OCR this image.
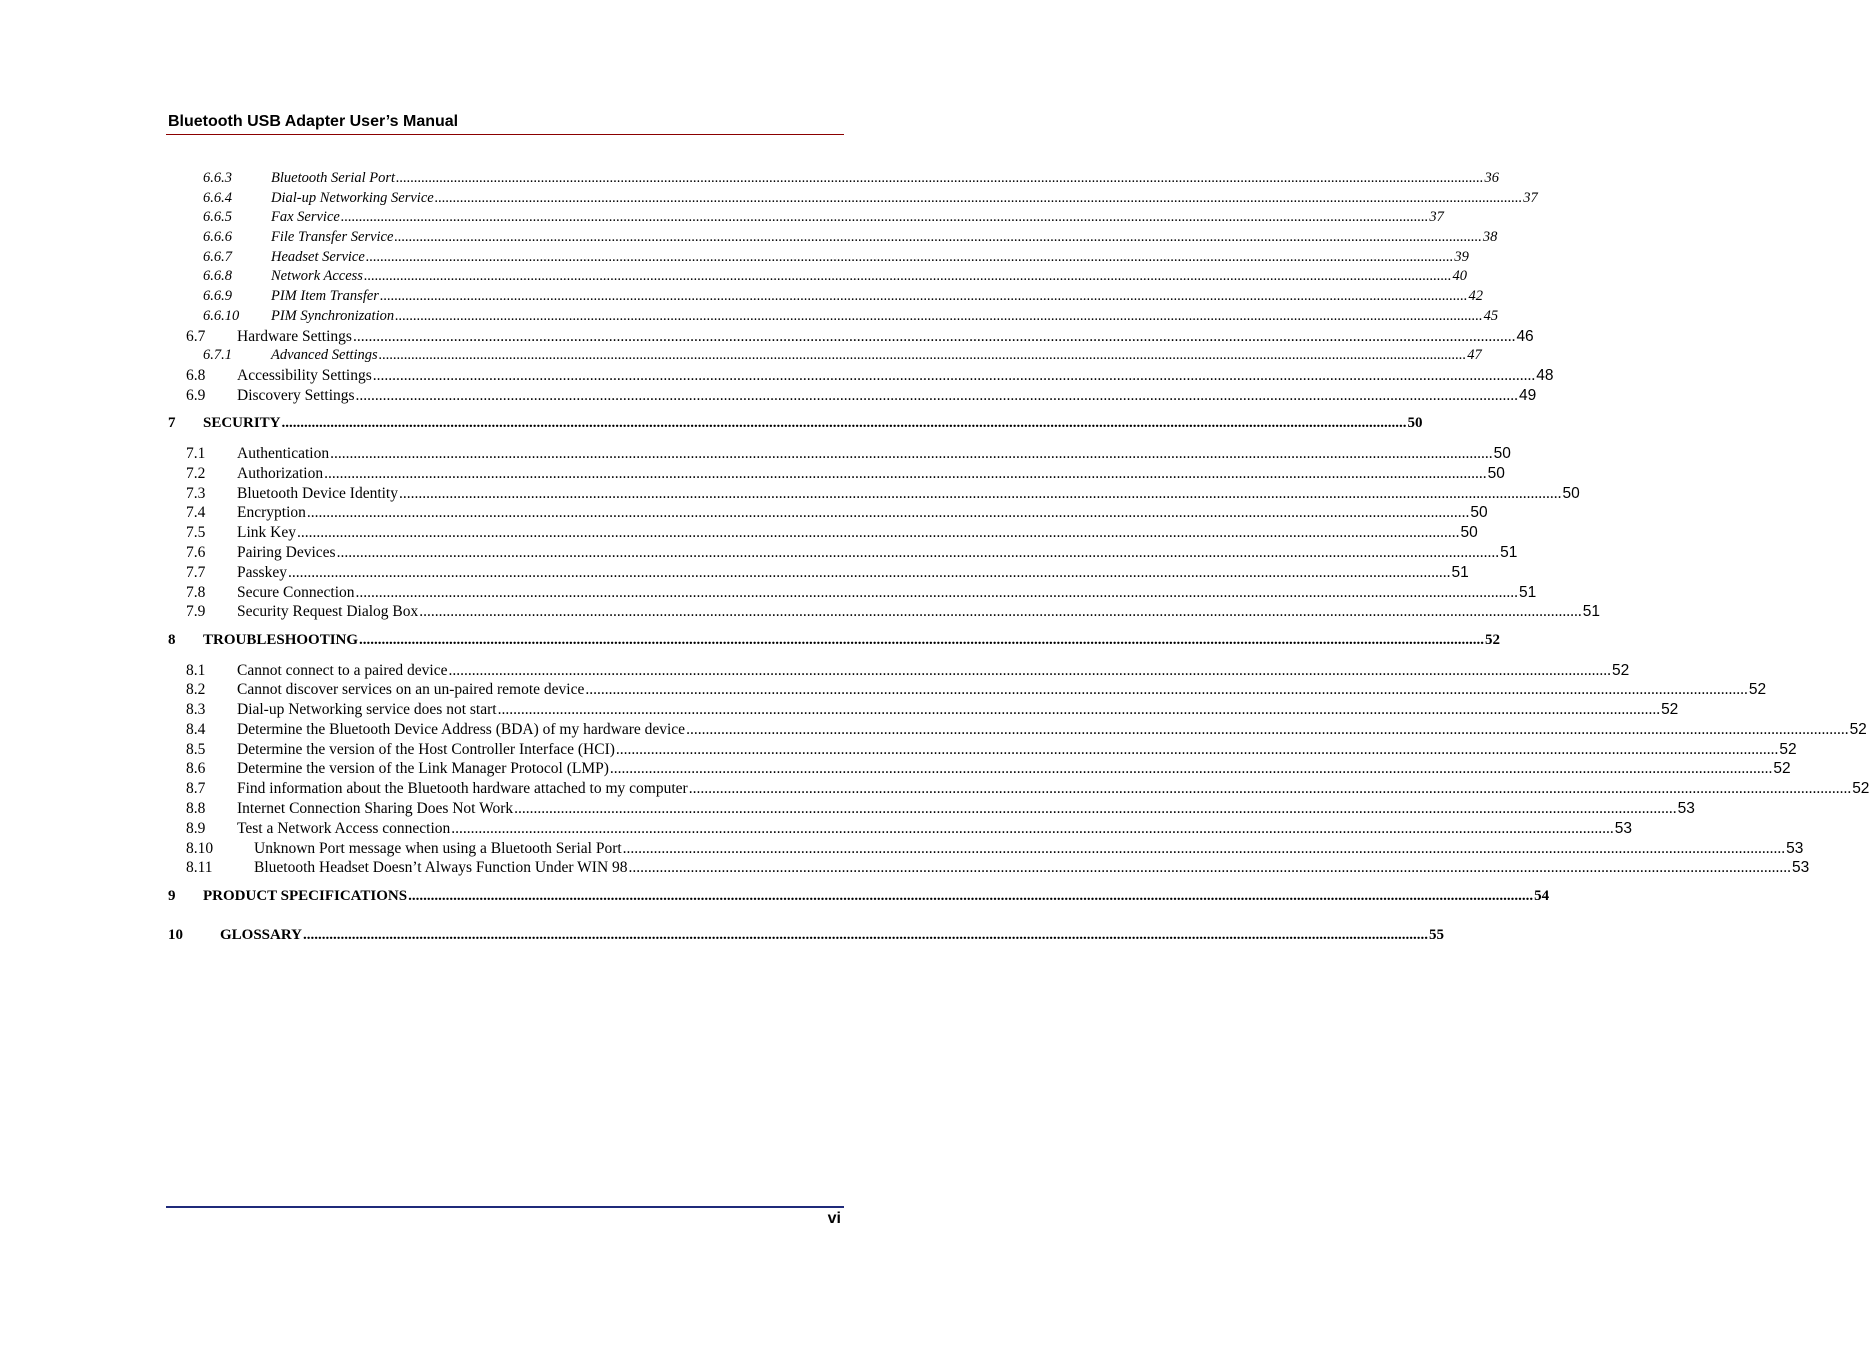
Bluetooth USB Adapter User’s Manual
6.6.3	Bluetooth Serial Port ............................................................................................................................................................................................................................................................................................................ 36
6.6.4	Dial-up Networking Service ............................................................................................................................................................................................................................................................................................................ 37
6.6.5	Fax Service ............................................................................................................................................................................................................................................................................................................ 37
6.6.6	File Transfer Service ............................................................................................................................................................................................................................................................................................................ 38
6.6.7	Headset Service ............................................................................................................................................................................................................................................................................................................ 39
6.6.8	Network Access ............................................................................................................................................................................................................................................................................................................ 40
6.6.9	PIM Item Transfer ............................................................................................................................................................................................................................................................................................................ 42
6.6.10	PIM Synchronization ............................................................................................................................................................................................................................................................................................................ 45
6.7	Hardware Settings ............................................................................................................................................................................................................................................................................................................ 46
6.7.1	Advanced Settings ............................................................................................................................................................................................................................................................................................................ 47
6.8	Accessibility Settings ............................................................................................................................................................................................................................................................................................................ 48
6.9	Discovery Settings ............................................................................................................................................................................................................................................................................................................ 49
7	SECURITY ............................................................................................................................................................................................................................................................................................................ 50
7.1	Authentication ............................................................................................................................................................................................................................................................................................................ 50
7.2	Authorization ............................................................................................................................................................................................................................................................................................................ 50
7.3	Bluetooth Device Identity ............................................................................................................................................................................................................................................................................................................ 50
7.4	Encryption ............................................................................................................................................................................................................................................................................................................ 50
7.5	Link Key ............................................................................................................................................................................................................................................................................................................ 50
7.6	Pairing Devices ............................................................................................................................................................................................................................................................................................................ 51
7.7	Passkey ............................................................................................................................................................................................................................................................................................................ 51
7.8	Secure Connection ............................................................................................................................................................................................................................................................................................................ 51
7.9	Security Request Dialog Box ............................................................................................................................................................................................................................................................................................................ 51
8	TROUBLESHOOTING ............................................................................................................................................................................................................................................................................................................ 52
8.1	Cannot connect to a paired device ............................................................................................................................................................................................................................................................................................................ 52
8.2	Cannot discover services on an un-paired remote device ............................................................................................................................................................................................................................................................................................................ 52
8.3	Dial-up Networking service does not start ............................................................................................................................................................................................................................................................................................................ 52
8.4	Determine the Bluetooth Device Address (BDA) of my hardware device ............................................................................................................................................................................................................................................................................................................ 52
8.5	Determine the version of the Host Controller Interface (HCI) ............................................................................................................................................................................................................................................................................................................ 52
8.6	Determine the version of the Link Manager Protocol (LMP) ............................................................................................................................................................................................................................................................................................................ 52
8.7	Find information about the Bluetooth hardware attached to my computer ............................................................................................................................................................................................................................................................................................................ 52
8.8	Internet Connection Sharing Does Not Work ............................................................................................................................................................................................................................................................................................................ 53
8.9	Test a Network Access connection ............................................................................................................................................................................................................................................................................................................ 53
8.10	Unknown Port message when using a Bluetooth Serial Port ............................................................................................................................................................................................................................................................................................................ 53
8.11	Bluetooth Headset Doesn’t Always Function Under WIN 98 ............................................................................................................................................................................................................................................................................................................ 53
9	PRODUCT SPECIFICATIONS ............................................................................................................................................................................................................................................................................................................ 54
10	GLOSSARY ............................................................................................................................................................................................................................................................................................................ 55
vi
